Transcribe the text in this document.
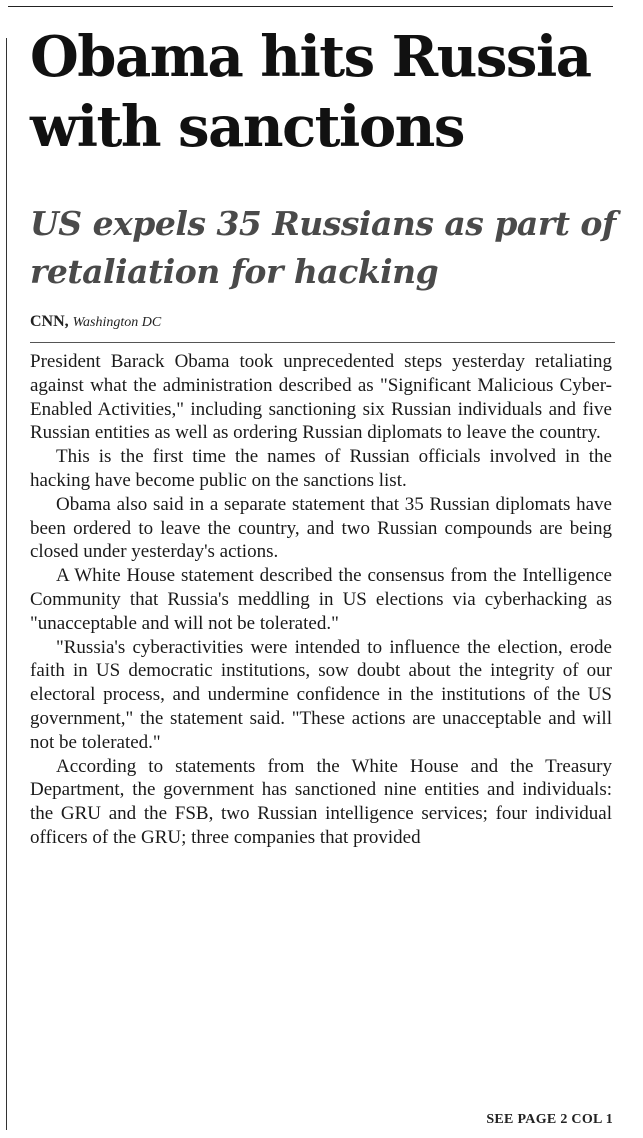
Obama hits Russia with sanctions
US expels 35 Russians as part of retaliation for hacking
CNN, Washington DC

President Barack Obama took unprecedented steps yesterday retaliating against what the administration described as "Significant Malicious Cyber-Enabled Activities," including sanctioning six Russian individuals and five Russian entities as well as ordering Russian diplomats to leave the country.

This is the first time the names of Russian officials involved in the hacking have become public on the sanctions list.

Obama also said in a separate statement that 35 Russian diplomats have been ordered to leave the country, and two Russian compounds are being closed under yesterday's actions.

A White House statement described the consensus from the Intelligence Community that Russia's meddling in US elections via cyberhacking as "unacceptable and will not be tolerated."

"Russia's cyberactivities were intended to influence the election, erode faith in US democratic institutions, sow doubt about the integrity of our electoral process, and undermine confidence in the institutions of the US government," the statement said. "These actions are unacceptable and will not be tolerated."

According to statements from the White House and the Treasury Department, the government has sanctioned nine entities and individuals: the GRU and the FSB, two Russian intelligence services; four individual officers of the GRU; three companies that provided

SEE PAGE 2 COL 1
